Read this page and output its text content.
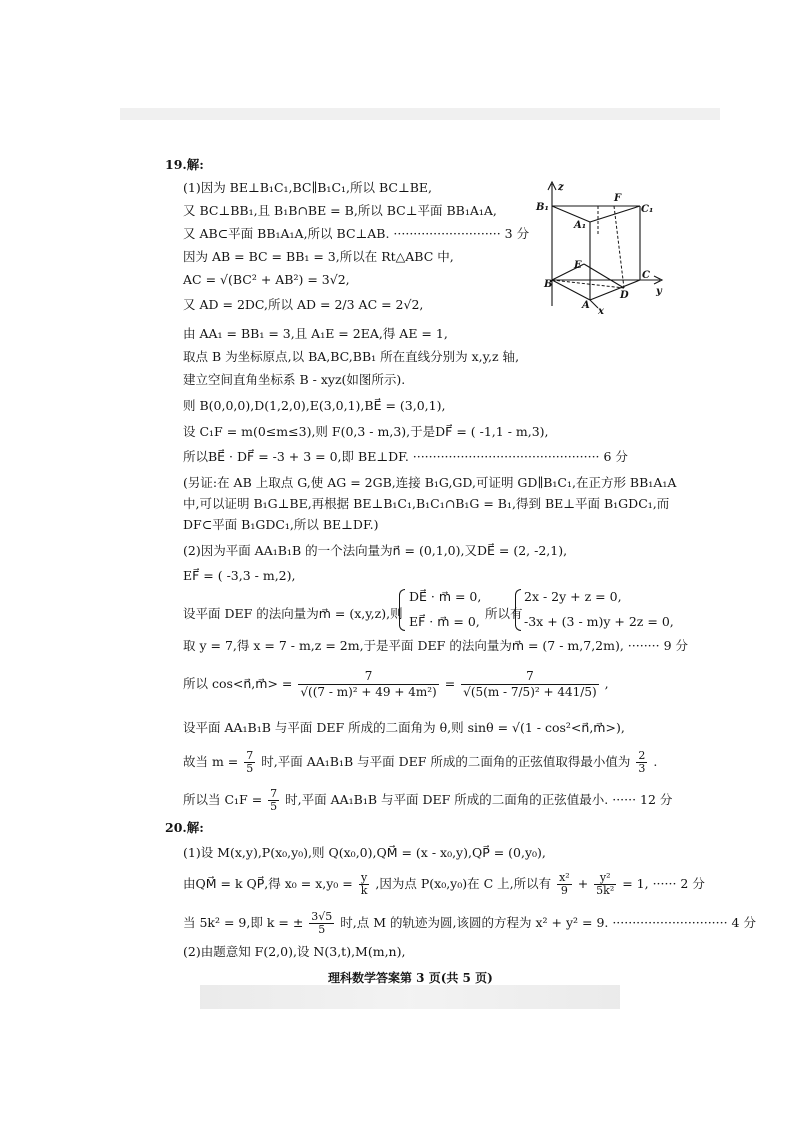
19.解:
(1)因为 BE⊥B₁C₁,BC∥B₁C₁,所以 BC⊥BE,
又 BC⊥BB₁,且 B₁B∩BE = B,所以 BC⊥平面 BB₁A₁A,
又 AB⊂平面 BB₁A₁A,所以 BC⊥AB. ··························· 3 分
因为 AB = BC = BB₁ = 3,所以在 Rt△ABC 中,
AC = √(BC² + AB²) = 3√2,
又 AD = 2DC,所以 AD = 2/3 AC = 2√2,
由 AA₁ = BB₁ = 3,且 A₁E = 2EA,得 AE = 1,
取点 B 为坐标原点,以 BA,BC,BB₁ 所在直线分别为 x,y,z 轴,
建立空间直角坐标系 B - xyz(如图所示).
则 B(0,0,0),D(1,2,0),E(3,0,1),BE⃗ = (3,0,1),
设 C₁F = m(0≤m≤3),则 F(0,3 - m,3),于是DF⃗ = ( -1,1 - m,3),
所以BE⃗ · DF⃗ = -3 + 3 = 0,即 BE⊥DF. ··············································· 6 分
(另证:在 AB 上取点 G,使 AG = 2GB,连接 B₁G,GD,可证明 GD∥B₁C₁,在正方形 BB₁A₁A
中,可以证明 B₁G⊥BE,再根据 BE⊥B₁C₁,B₁C₁∩B₁G = B₁,得到 BE⊥平面 B₁GDC₁,而
DF⊂平面 B₁GDC₁,所以 BE⊥DF.)
(2)因为平面 AA₁B₁B 的一个法向量为n⃗ = (0,1,0),又DE⃗ = (2, -2,1),
EF⃗ = ( -3,3 - m,2),
z
B₁
F
C₁
A₁
E
B
C
D
A
y
x
设平面 DEF 的法向量为m⃗ = (x,y,z),则
DE⃗ · m⃗ = 0,
EF⃗ · m⃗ = 0,
所以有
2x - 2y + z = 0,
-3x + (3 - m)y + 2z = 0,
取 y = 7,得 x = 7 - m,z = 2m,于是平面 DEF 的法向量为m⃗ = (7 - m,7,2m), ········ 9 分
所以 cos<n⃗,m⃗> = $\frac{7}{\text{√((7 - m)² + 49 + 4m²)}} = \frac{7}{\text{√(5(m - 7/5)² + 441/5)}}$ ,
设平面 AA₁B₁B 与平面 DEF 所成的二面角为 θ,则 sinθ = √(1 - cos²<n⃗,m⃗>),
故当 $m = \frac{7}{5}$ 时,平面 AA₁B₁B 与平面 DEF 所成的二面角的正弦值取得最小值为 $\frac{2}{3}$ .
所以当 $C_1F = \frac{7}{5}$ 时,平面 AA₁B₁B 与平面 DEF 所成的二面角的正弦值最小. ······ 12 分
20.解:
(1)设 M(x,y),P(x₀,y₀),则 Q(x₀,0),QM⃗ = (x - x₀,y),QP⃗ = (0,y₀),
由QM⃗ = k QP⃗,得 $x_0 = x,y_0 = \frac{y}{k}$ ,因为点 P(x₀,y₀)在 C 上,所以有 $\frac{\text{x²}}{9} + \frac{\text{y²}}{\text{5k²}} = 1$, ······ 2 分
当 5k² = 9,即 k = ± $\frac{3√5}{5}$ 时,点 M 的轨迹为圆,该圆的方程为 x² + y² = 9. ····························· 4 分
(2)由题意知 F(2,0),设 N(3,t),M(m,n),
理科数学答案第 3 页(共 5 页)
